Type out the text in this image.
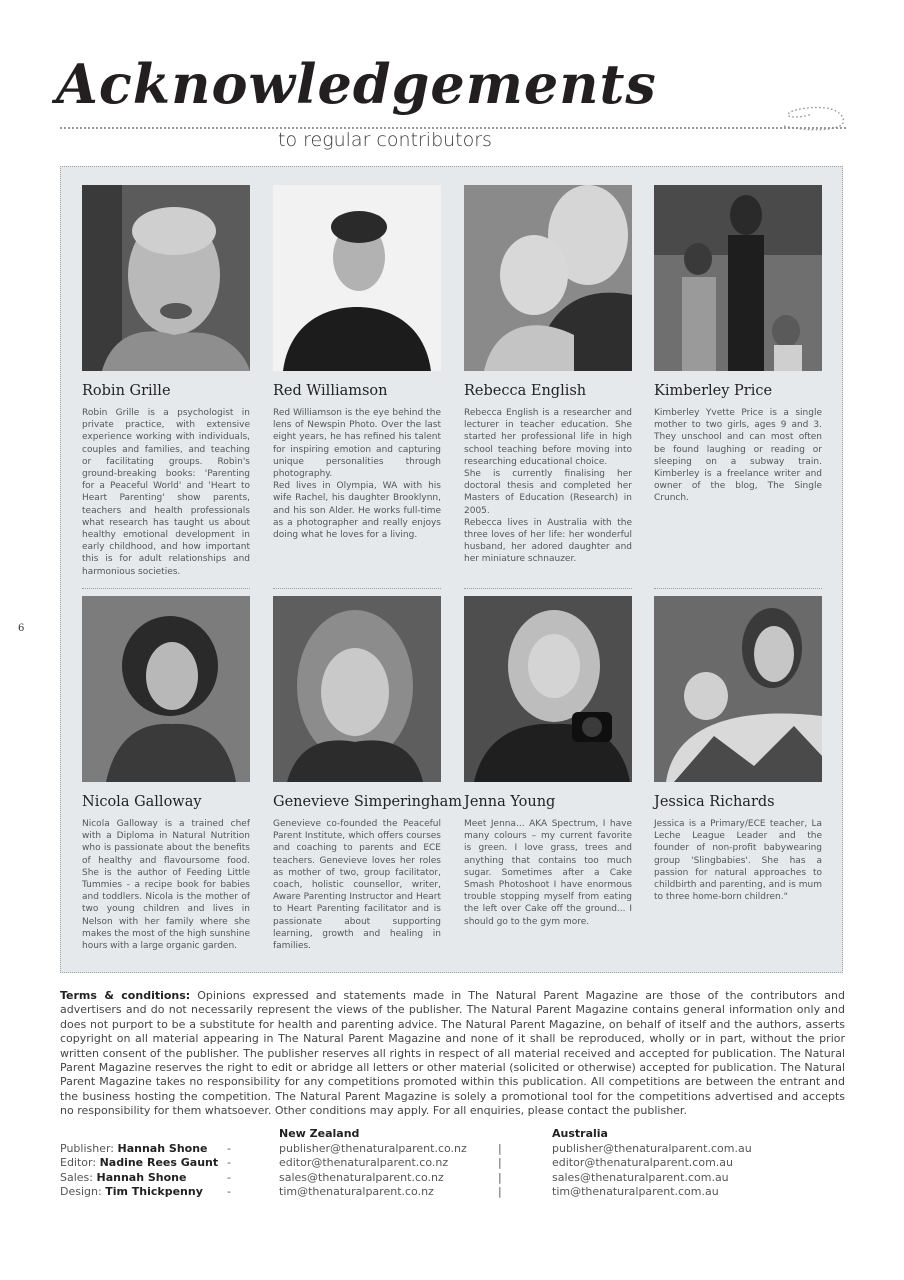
Acknowledgements
to regular contributors
6
Robin Grille
Robin Grille is a psychologist in private practice, with extensive experience working with individuals, couples and families, and teaching or facilitating groups. Robin's ground-breaking books: 'Parenting for a Peaceful World' and 'Heart to Heart Parenting' show parents, teachers and health professionals what research has taught us about healthy emotional development in early childhood, and how important this is for adult relationships and harmonious societies.
Red Williamson
Red Williamson is the eye behind the lens of Newspin Photo. Over the last eight years, he has refined his talent for inspiring emotion and capturing unique personalities through photography.
Red lives in Olympia, WA with his wife Rachel, his daughter Brooklynn, and his son Alder. He works full-time as a photographer and really enjoys doing what he loves for a living.
Rebecca English
Rebecca English is a researcher and lecturer in teacher education. She started her professional life in high school teaching before moving into researching educational choice.
She is currently finalising her doctoral thesis and completed her Masters of Education (Research) in 2005.
Rebecca lives in Australia with the three loves of her life: her wonderful husband, her adored daughter and her miniature schnauzer.
Kimberley Price
Kimberley Yvette Price is a single mother to two girls, ages 9 and 3. They unschool and can most often be found laughing or reading or sleeping on a subway train. Kimberley is a freelance writer and owner of the blog, The Single Crunch.
Nicola Galloway
Nicola Galloway is a trained chef with a Diploma in Natural Nutrition who is passionate about the benefits of healthy and flavoursome food. She is the author of Feeding Little Tummies - a recipe book for babies and toddlers. Nicola is the mother of two young children and lives in Nelson with her family where she makes the most of the high sunshine hours with a large organic garden.
Genevieve Simperingham
Genevieve co-founded the Peaceful Parent Institute, which offers courses and coaching to parents and ECE teachers. Genevieve loves her roles as mother of two, group facilitator, coach, holistic counsellor, writer, Aware Parenting Instructor and Heart to Heart Parenting facilitator and is passionate about supporting learning, growth and healing in families.
Jenna Young
Meet Jenna... AKA Spectrum, I have many colours – my current favorite is green. I love grass, trees and anything that contains too much sugar. Sometimes after a Cake Smash Photoshoot I have enormous trouble stopping myself from eating the left over Cake off the ground... I should go to the gym more.
Jessica Richards
Jessica is a Primary/ECE teacher, La Leche League Leader and the founder of non-profit babywearing group 'Slingbabies'. She has a passion for natural approaches to childbirth and parenting, and is mum to three home-born children."
Terms & conditions: Opinions expressed and statements made in The Natural Parent Magazine are those of the contributors and advertisers and do not necessarily represent the views of the publisher. The Natural Parent Magazine contains general information only and does not purport to be a substitute for health and parenting advice. The Natural Parent Magazine, on behalf of itself and the authors, asserts copyright on all material appearing in The Natural Parent Magazine and none of it shall be reproduced, wholly or in part, without the prior written consent of the publisher. The publisher reserves all rights in respect of all material received and accepted for publication. The Natural Parent Magazine reserves the right to edit or abridge all letters or other material (solicited or otherwise) accepted for publication. The Natural Parent Magazine takes no responsibility for any competitions promoted within this publication. All competitions are between the entrant and the business hosting the competition. The Natural Parent Magazine is solely a promotional tool for the competitions advertised and accepts no responsibility for them whatsoever. Other conditions may apply. For all enquiries, please contact the publisher.
New Zealand	Australia
Publisher: Hannah Shone -	publisher@thenaturalparent.co.nz	|	publisher@thenaturalparent.com.au
Editor: Nadine Rees Gaunt -	editor@thenaturalparent.co.nz	|	editor@thenaturalparent.com.au
Sales: Hannah Shone	-	sales@thenaturalparent.co.nz	|	sales@thenaturalparent.com.au
Design: Tim Thickpenny -	tim@thenaturalparent.co.nz	|	tim@thenaturalparent.com.au
